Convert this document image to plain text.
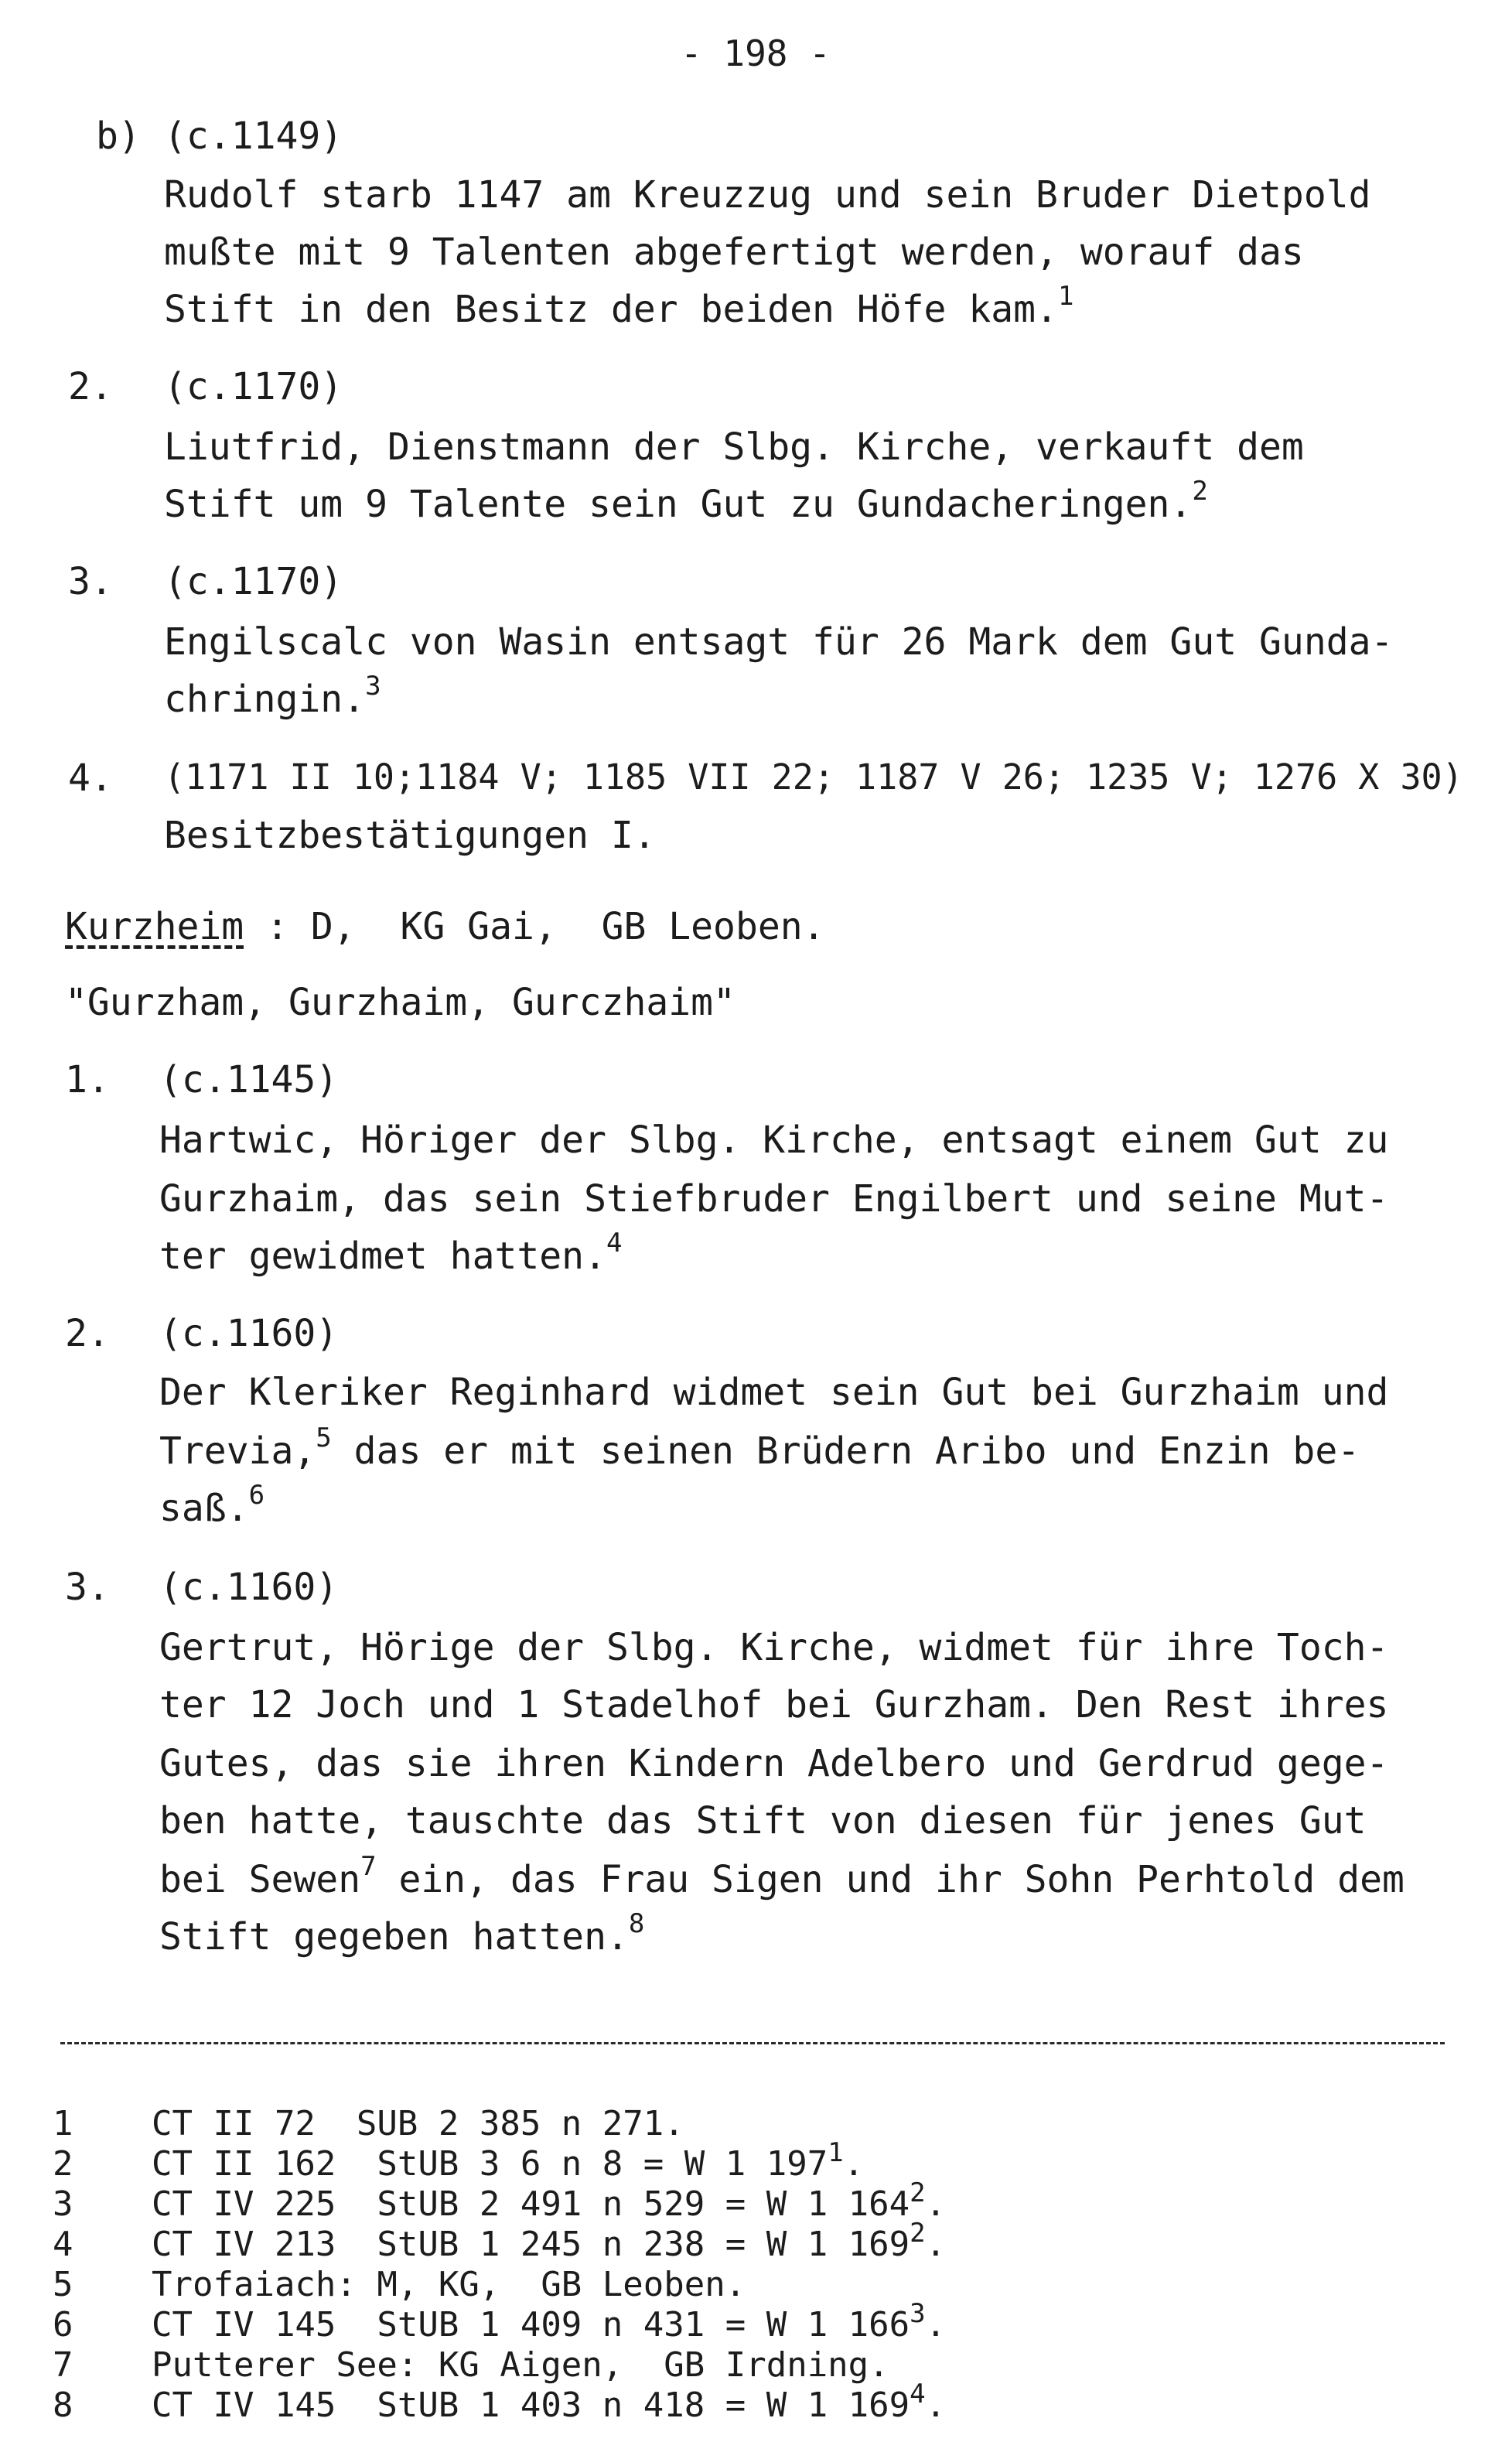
- 198 -
b) (c.1149)
Rudolf starb 1147 am Kreuzzug und sein Bruder Dietpold
mußte mit 9 Talenten abgefertigt werden, worauf das
Stift in den Besitz der beiden Höfe kam.$^1$
2. (c.1170)
Liutfrid, Dienstmann der Slbg. Kirche, verkauft dem
Stift um 9 Talente sein Gut zu Gundacheringen.$^2$
3. (c.1170)
Engilscalc von Wasin entsagt für 26 Mark dem Gut Gunda-
chringin.$^3$
4. (1171 II 10;1184 V; 1185 VII 22; 1187 V 26; 1235 V; 1276 X 30)
Besitzbestätigungen I.
Kurzheim : D,  KG Gai,  GB Leoben.
"Gurzham, Gurzhaim, Gurczhaim"
1. (c.1145)
Hartwic, Höriger der Slbg. Kirche, entsagt einem Gut zu
Gurzhaim, das sein Stiefbruder Engilbert und seine Mut-
ter gewidmet hatten.$^4$
2. (c.1160)
Der Kleriker Reginhard widmet sein Gut bei Gurzhaim und
Trevia,$^5$ das er mit seinen Brüdern Aribo und Enzin be-
saß.$^6$
3. (c.1160)
Gertrut, Hörige der Slbg. Kirche, widmet für ihre Toch-
ter 12 Joch und 1 Stadelhof bei Gurzham. Den Rest ihres
Gutes, das sie ihren Kindern Adelbero und Gerdrud gege-
ben hatte, tauschte das Stift von diesen für jenes Gut
bei Sewen$^7$ ein, das Frau Sigen und ihr Sohn Perhtold dem
Stift gegeben hatten.$^8$

1 CT II 72  SUB 2 385 n 271.

2 CT II 162  StUB 3 6 n 8 = W 1 197$^1$.

3 CT IV 225  StUB 2 491 n 529 = W 1 164$^2$.

4 CT IV 213  StUB 1 245 n 238 = W 1 169$^2$.

5 Trofaiach: M, KG,  GB Leoben.

6 CT IV 145  StUB 1 409 n 431 = W 1 166$^3$.

7 Putterer See: KG Aigen,  GB Irdning.

8 CT IV 145  StUB 1 403 n 418 = W 1 169$^4$.
